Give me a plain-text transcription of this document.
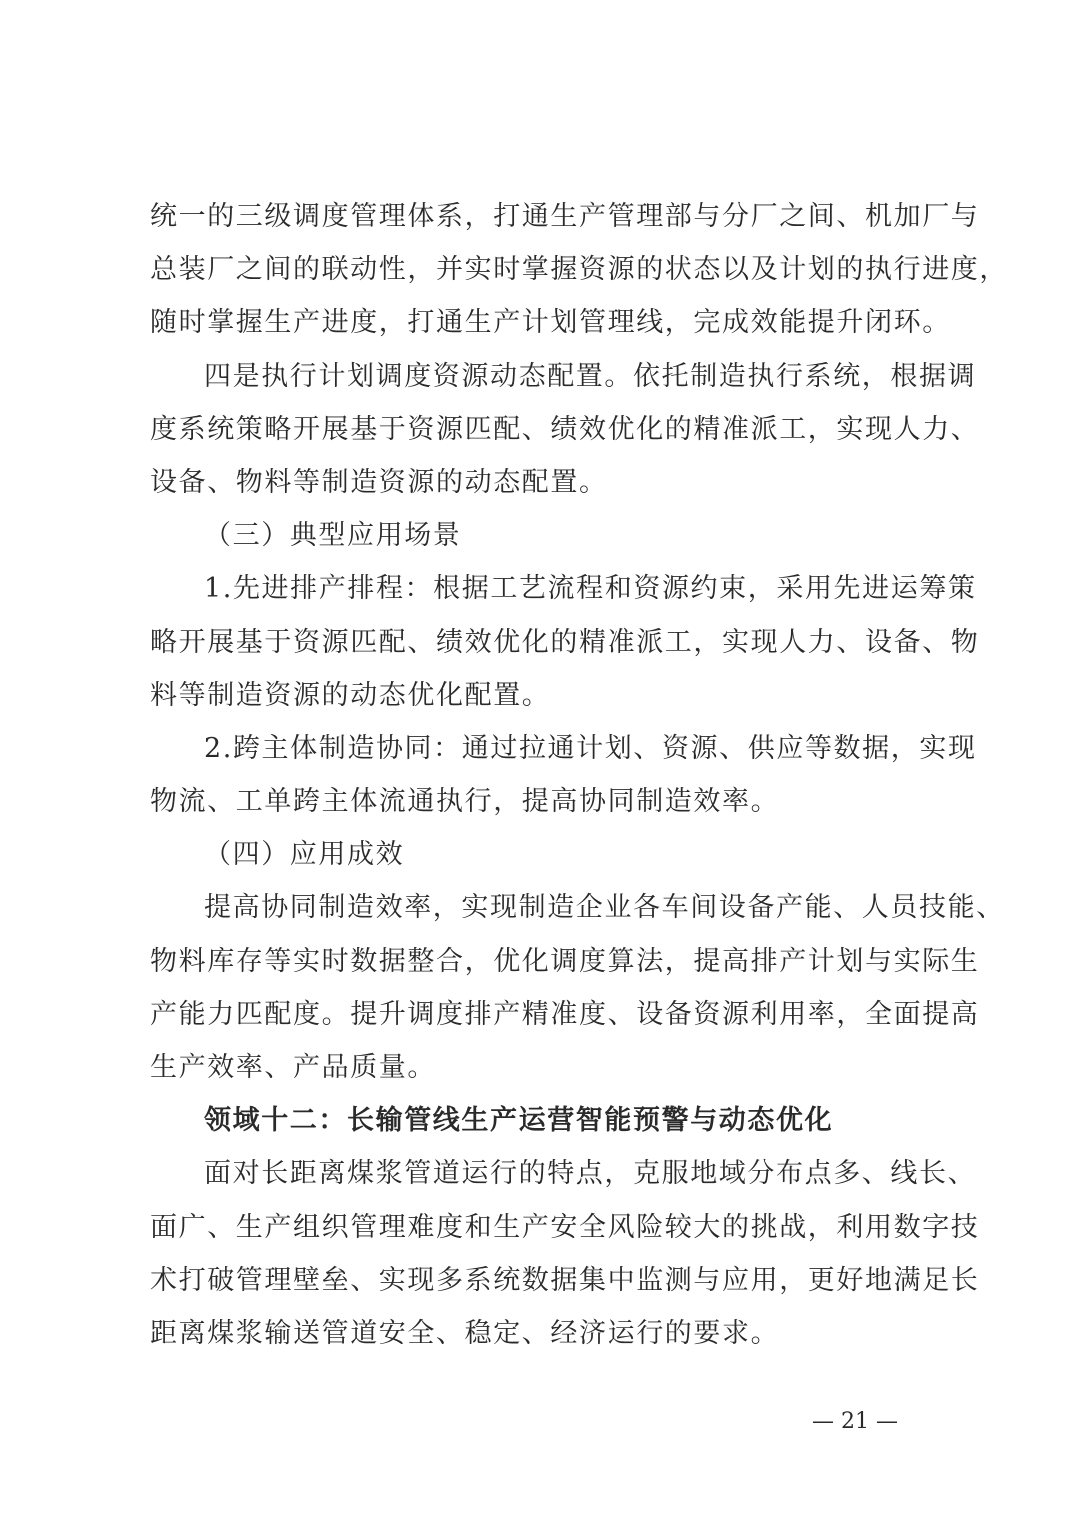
统一的三级调度管理体系，打通生产管理部与分厂之间、机加厂与
总装厂之间的联动性，并实时掌握资源的状态以及计划的执行进度，
随时掌握生产进度，打通生产计划管理线，完成效能提升闭环。
四是执行计划调度资源动态配置。依托制造执行系统，根据调
度系统策略开展基于资源匹配、绩效优化的精准派工，实现人力、
设备、物料等制造资源的动态配置。
（三）典型应用场景
1.先进排产排程：根据工艺流程和资源约束，采用先进运筹策
略开展基于资源匹配、绩效优化的精准派工，实现人力、设备、物
料等制造资源的动态优化配置。
2.跨主体制造协同：通过拉通计划、资源、供应等数据，实现
物流、工单跨主体流通执行，提高协同制造效率。
（四）应用成效
提高协同制造效率，实现制造企业各车间设备产能、人员技能、
物料库存等实时数据整合，优化调度算法，提高排产计划与实际生
产能力匹配度。提升调度排产精准度、设备资源利用率，全面提高
生产效率、产品质量。
领域十二：长输管线生产运营智能预警与动态优化
面对长距离煤浆管道运行的特点，克服地域分布点多、线长、
面广、生产组织管理难度和生产安全风险较大的挑战，利用数字技
术打破管理壁垒、实现多系统数据集中监测与应用，更好地满足长
距离煤浆输送管道安全、稳定、经济运行的要求。
— 21 —
